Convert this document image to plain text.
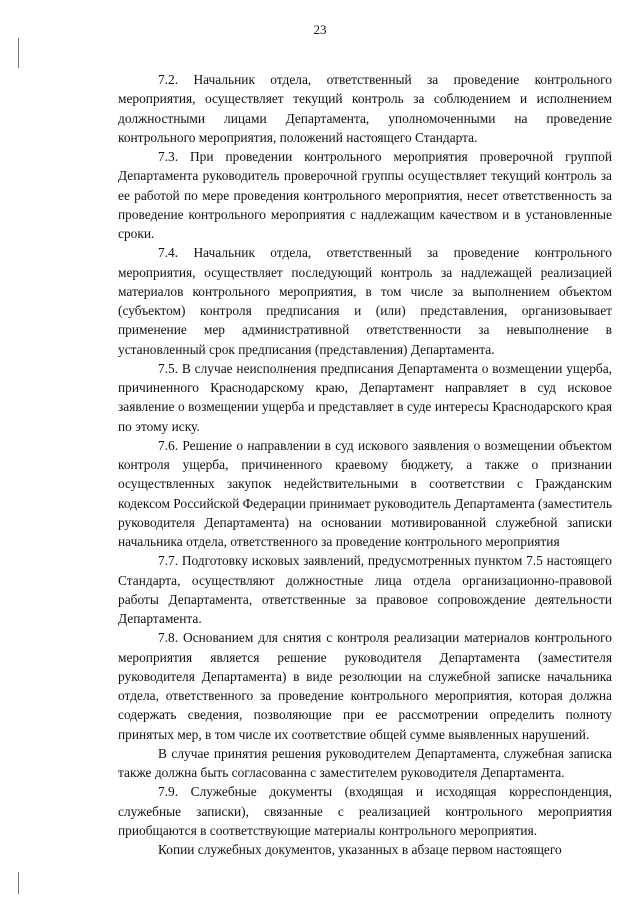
23

7.2. Начальник отдела, ответственный за проведение контрольного мероприятия, осуществляет текущий контроль за соблюдением и исполнением должностными лицами Департамента, уполномоченными на проведение контрольного мероприятия, положений настоящего Стандарта.

7.3. При проведении контрольного мероприятия проверочной группой Департамента руководитель проверочной группы осуществляет текущий контроль за ее работой по мере проведения контрольного мероприятия, несет ответственность за проведение контрольного мероприятия с надлежащим качеством и в установленные сроки.

7.4. Начальник отдела, ответственный за проведение контрольного мероприятия, осуществляет последующий контроль за надлежащей реализацией материалов контрольного мероприятия, в том числе за выполнением объектом (субъектом) контроля предписания и (или) представления, организовывает применение мер административной ответственности за невыполнение в установленный срок предписания (представления) Департамента.

7.5. В случае неисполнения предписания Департамента о возмещении ущерба, причиненного Краснодарскому краю, Департамент направляет в суд исковое заявление о возмещении ущерба и представляет в суде интересы Краснодарского края по этому иску.

7.6. Решение о направлении в суд искового заявления о возмещении объектом контроля ущерба, причиненного краевому бюджету, а также о признании осуществленных закупок недействительными в соответствии с Гражданским кодексом Российской Федерации принимает руководитель Департамента (заместитель руководителя Департамента) на основании мотивированной служебной записки начальника отдела, ответственного за проведение контрольного мероприятия

7.7. Подготовку исковых заявлений, предусмотренных пунктом 7.5 настоящего Стандарта, осуществляют должностные лица отдела организационно-правовой работы Департамента, ответственные за правовое сопровождение деятельности Департамента.

7.8. Основанием для снятия с контроля реализации материалов контрольного мероприятия является решение руководителя Департамента (заместителя руководителя Департамента) в виде резолюции на служебной записке начальника отдела, ответственного за проведение контрольного мероприятия, которая должна содержать сведения, позволяющие при ее рассмотрении определить полноту принятых мер, в том числе их соответствие общей сумме выявленных нарушений.

В случае принятия решения руководителем Департамента, служебная записка также должна быть согласованна с заместителем руководителя Департамента.

7.9. Служебные документы (входящая и исходящая корреспонденция, служебные записки), связанные с реализацией контрольного мероприятия приобщаются в соответствующие материалы контрольного мероприятия.

Копии служебных документов, указанных в абзаце первом настоящего
